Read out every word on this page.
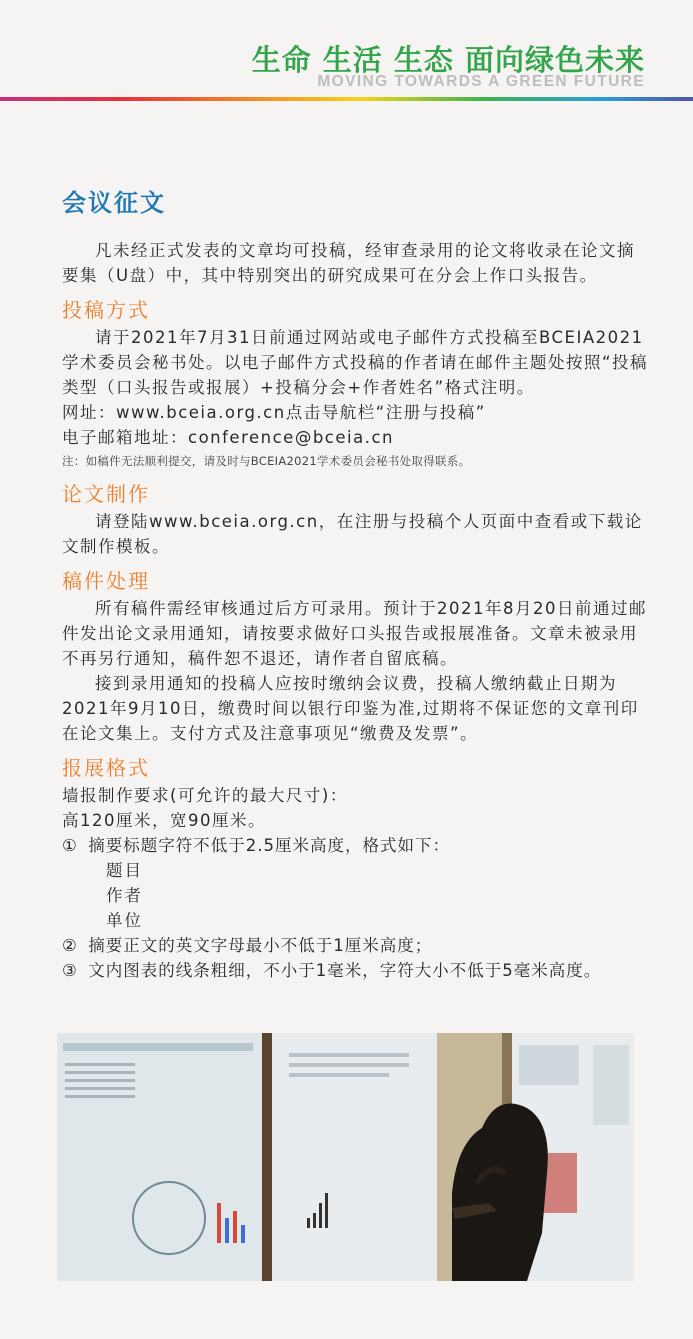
生命 生活 生态 面向绿色未来
MOVING TOWARDS A GREEN FUTURE
会议征文

凡未经正式发表的文章均可投稿，经审查录用的论文将收录在论文摘要集（U盘）中，其中特别突出的研究成果可在分会上作口头报告。

投稿方式

请于2021年7月31日前通过网站或电子邮件方式投稿至BCEIA2021学术委员会秘书处。以电子邮件方式投稿的作者请在邮件主题处按照“投稿类型（口头报告或报展）+投稿分会+作者姓名”格式注明。

网址：www.bceia.org.cn点击导航栏“注册与投稿”

电子邮箱地址：conference@bceia.cn

注：如稿件无法顺利提交，请及时与BCEIA2021学术委员会秘书处取得联系。
论文制作

请登陆www.bceia.org.cn，在注册与投稿个人页面中查看或下载论文制作模板。

稿件处理

所有稿件需经审核通过后方可录用。预计于2021年8月20日前通过邮件发出论文录用通知，请按要求做好口头报告或报展准备。文章未被录用不再另行通知，稿件恕不退还，请作者自留底稿。

接到录用通知的投稿人应按时缴纳会议费，投稿人缴纳截止日期为2021年9月10日，缴费时间以银行印鉴为准,过期将不保证您的文章刊印在论文集上。支付方式及注意事项见“缴费及发票”。

报展格式

墙报制作要求(可允许的最大尺寸)：

高120厘米，宽90厘米。

① 摘要标题字符不低于2.5厘米高度，格式如下：
题目
作者
单位
② 摘要正文的英文字母最小不低于1厘米高度；
③ 文内图表的线条粗细，不小于1毫米，字符大小不低于5毫米高度。
